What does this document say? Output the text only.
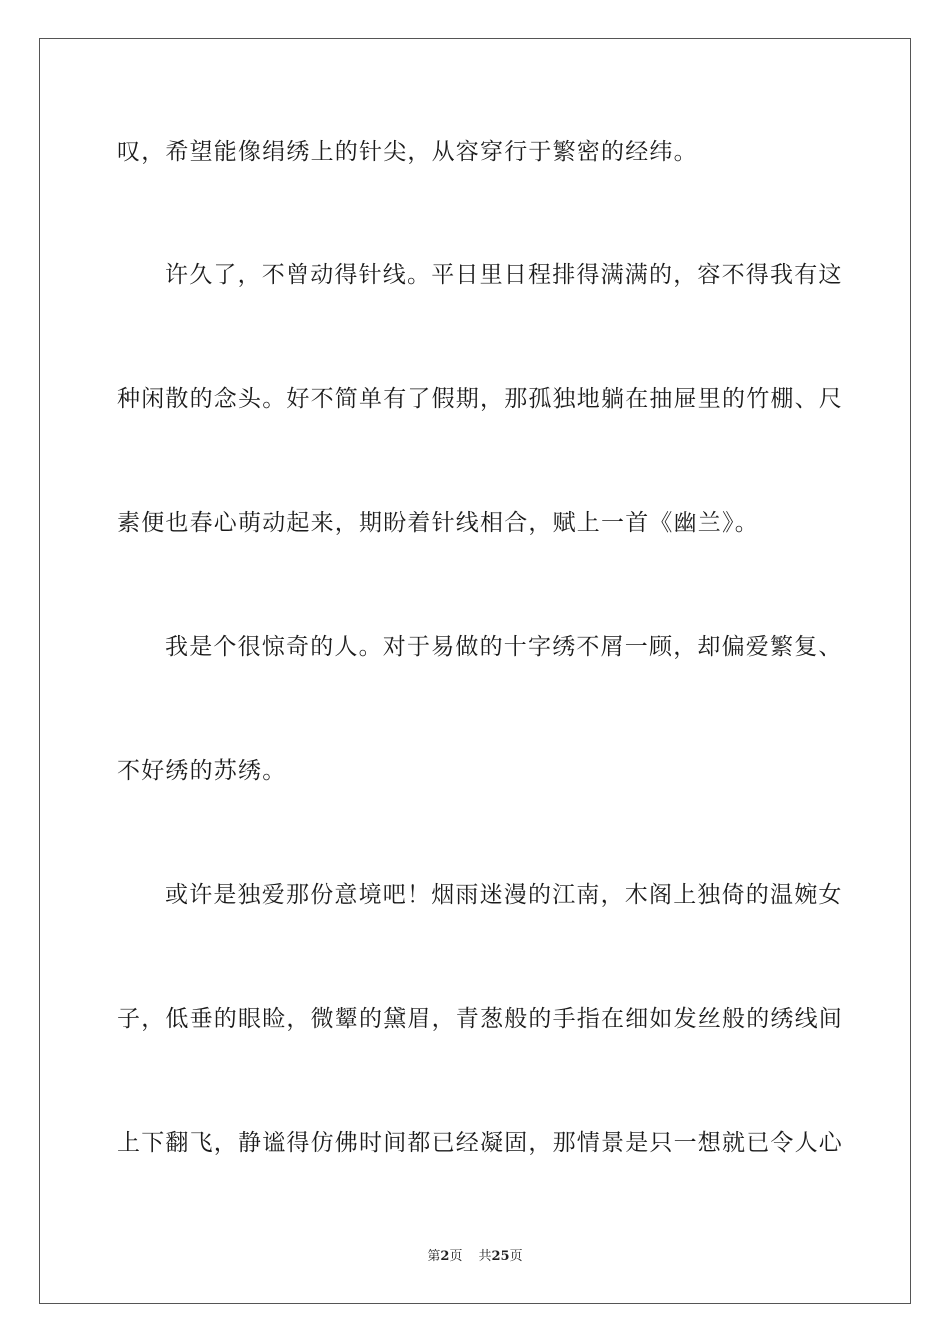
叹，希望能像绢绣上的针尖，从容穿行于繁密的经纬。
许久了，不曾动得针线。平日里日程排得满满的，容不得我有这
种闲散的念头。好不简单有了假期，那孤独地躺在抽屉里的竹棚、尺
素便也春心萌动起来，期盼着针线相合，赋上一首《幽兰》。
我是个很惊奇的人。对于易做的十字绣不屑一顾，却偏爱繁复、
不好绣的苏绣。
或许是独爱那份意境吧！烟雨迷漫的江南，木阁上独倚的温婉女
子，低垂的眼睑，微颦的黛眉，青葱般的手指在细如发丝般的绣线间
上下翻飞，静谧得仿佛时间都已经凝固，那情景是只一想就已令人心
第2页 共25页
